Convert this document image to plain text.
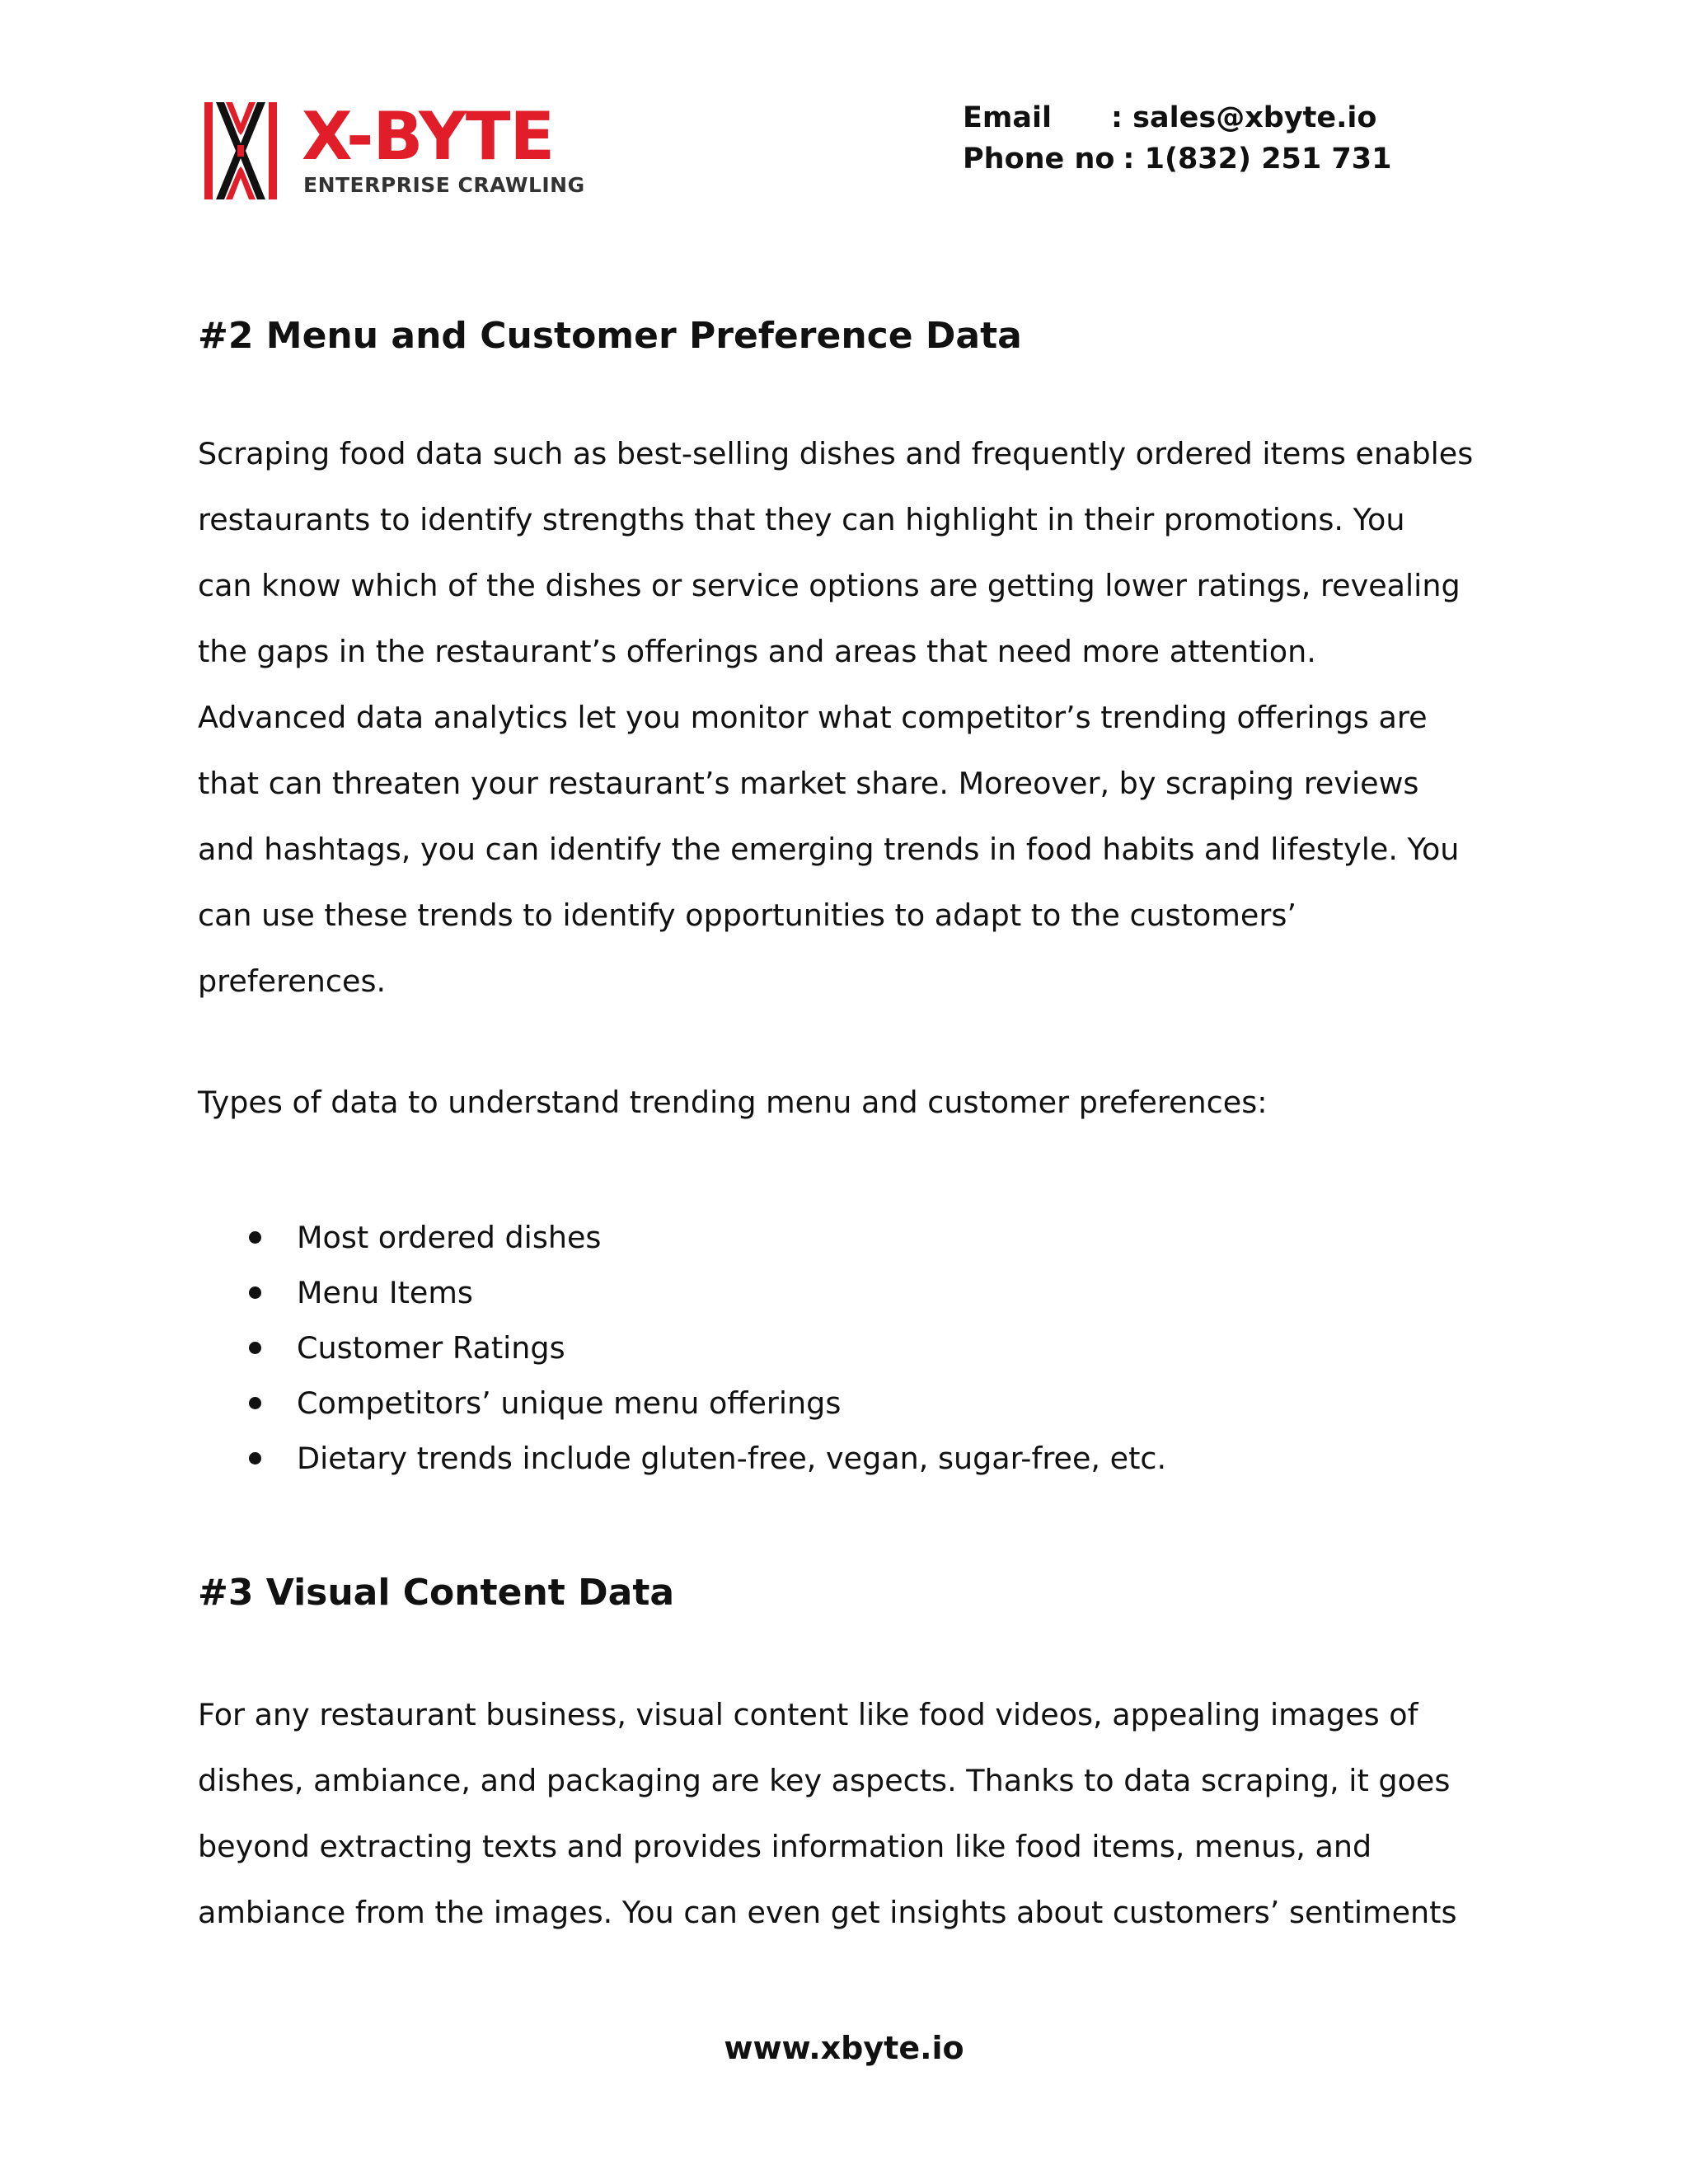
X-BYTE
ENTERPRISE CRAWLING
Email	: sales@xbyte.io
Phone no : 1(832) 251 731
#2 Menu and Customer Preference Data

Scraping food data such as best-selling dishes and frequently ordered items enables
restaurants to identify strengths that they can highlight in their promotions. You
can know which of the dishes or service options are getting lower ratings, revealing
the gaps in the restaurant’s offerings and areas that need more attention.
Advanced data analytics let you monitor what competitor’s trending offerings are
that can threaten your restaurant’s market share. Moreover, by scraping reviews
and hashtags, you can identify the emerging trends in food habits and lifestyle. You
can use these trends to identify opportunities to adapt to the customers’
preferences.

Types of data to understand trending menu and customer preferences:

Most ordered dishes
Menu Items
Customer Ratings
Competitors’ unique menu offerings
Dietary trends include gluten-free, vegan, sugar-free, etc.
#3 Visual Content Data

For any restaurant business, visual content like food videos, appealing images of
dishes, ambiance, and packaging are key aspects. Thanks to data scraping, it goes
beyond extracting texts and provides information like food items, menus, and
ambiance from the images. You can even get insights about customers’ sentiments

www.xbyte.io
